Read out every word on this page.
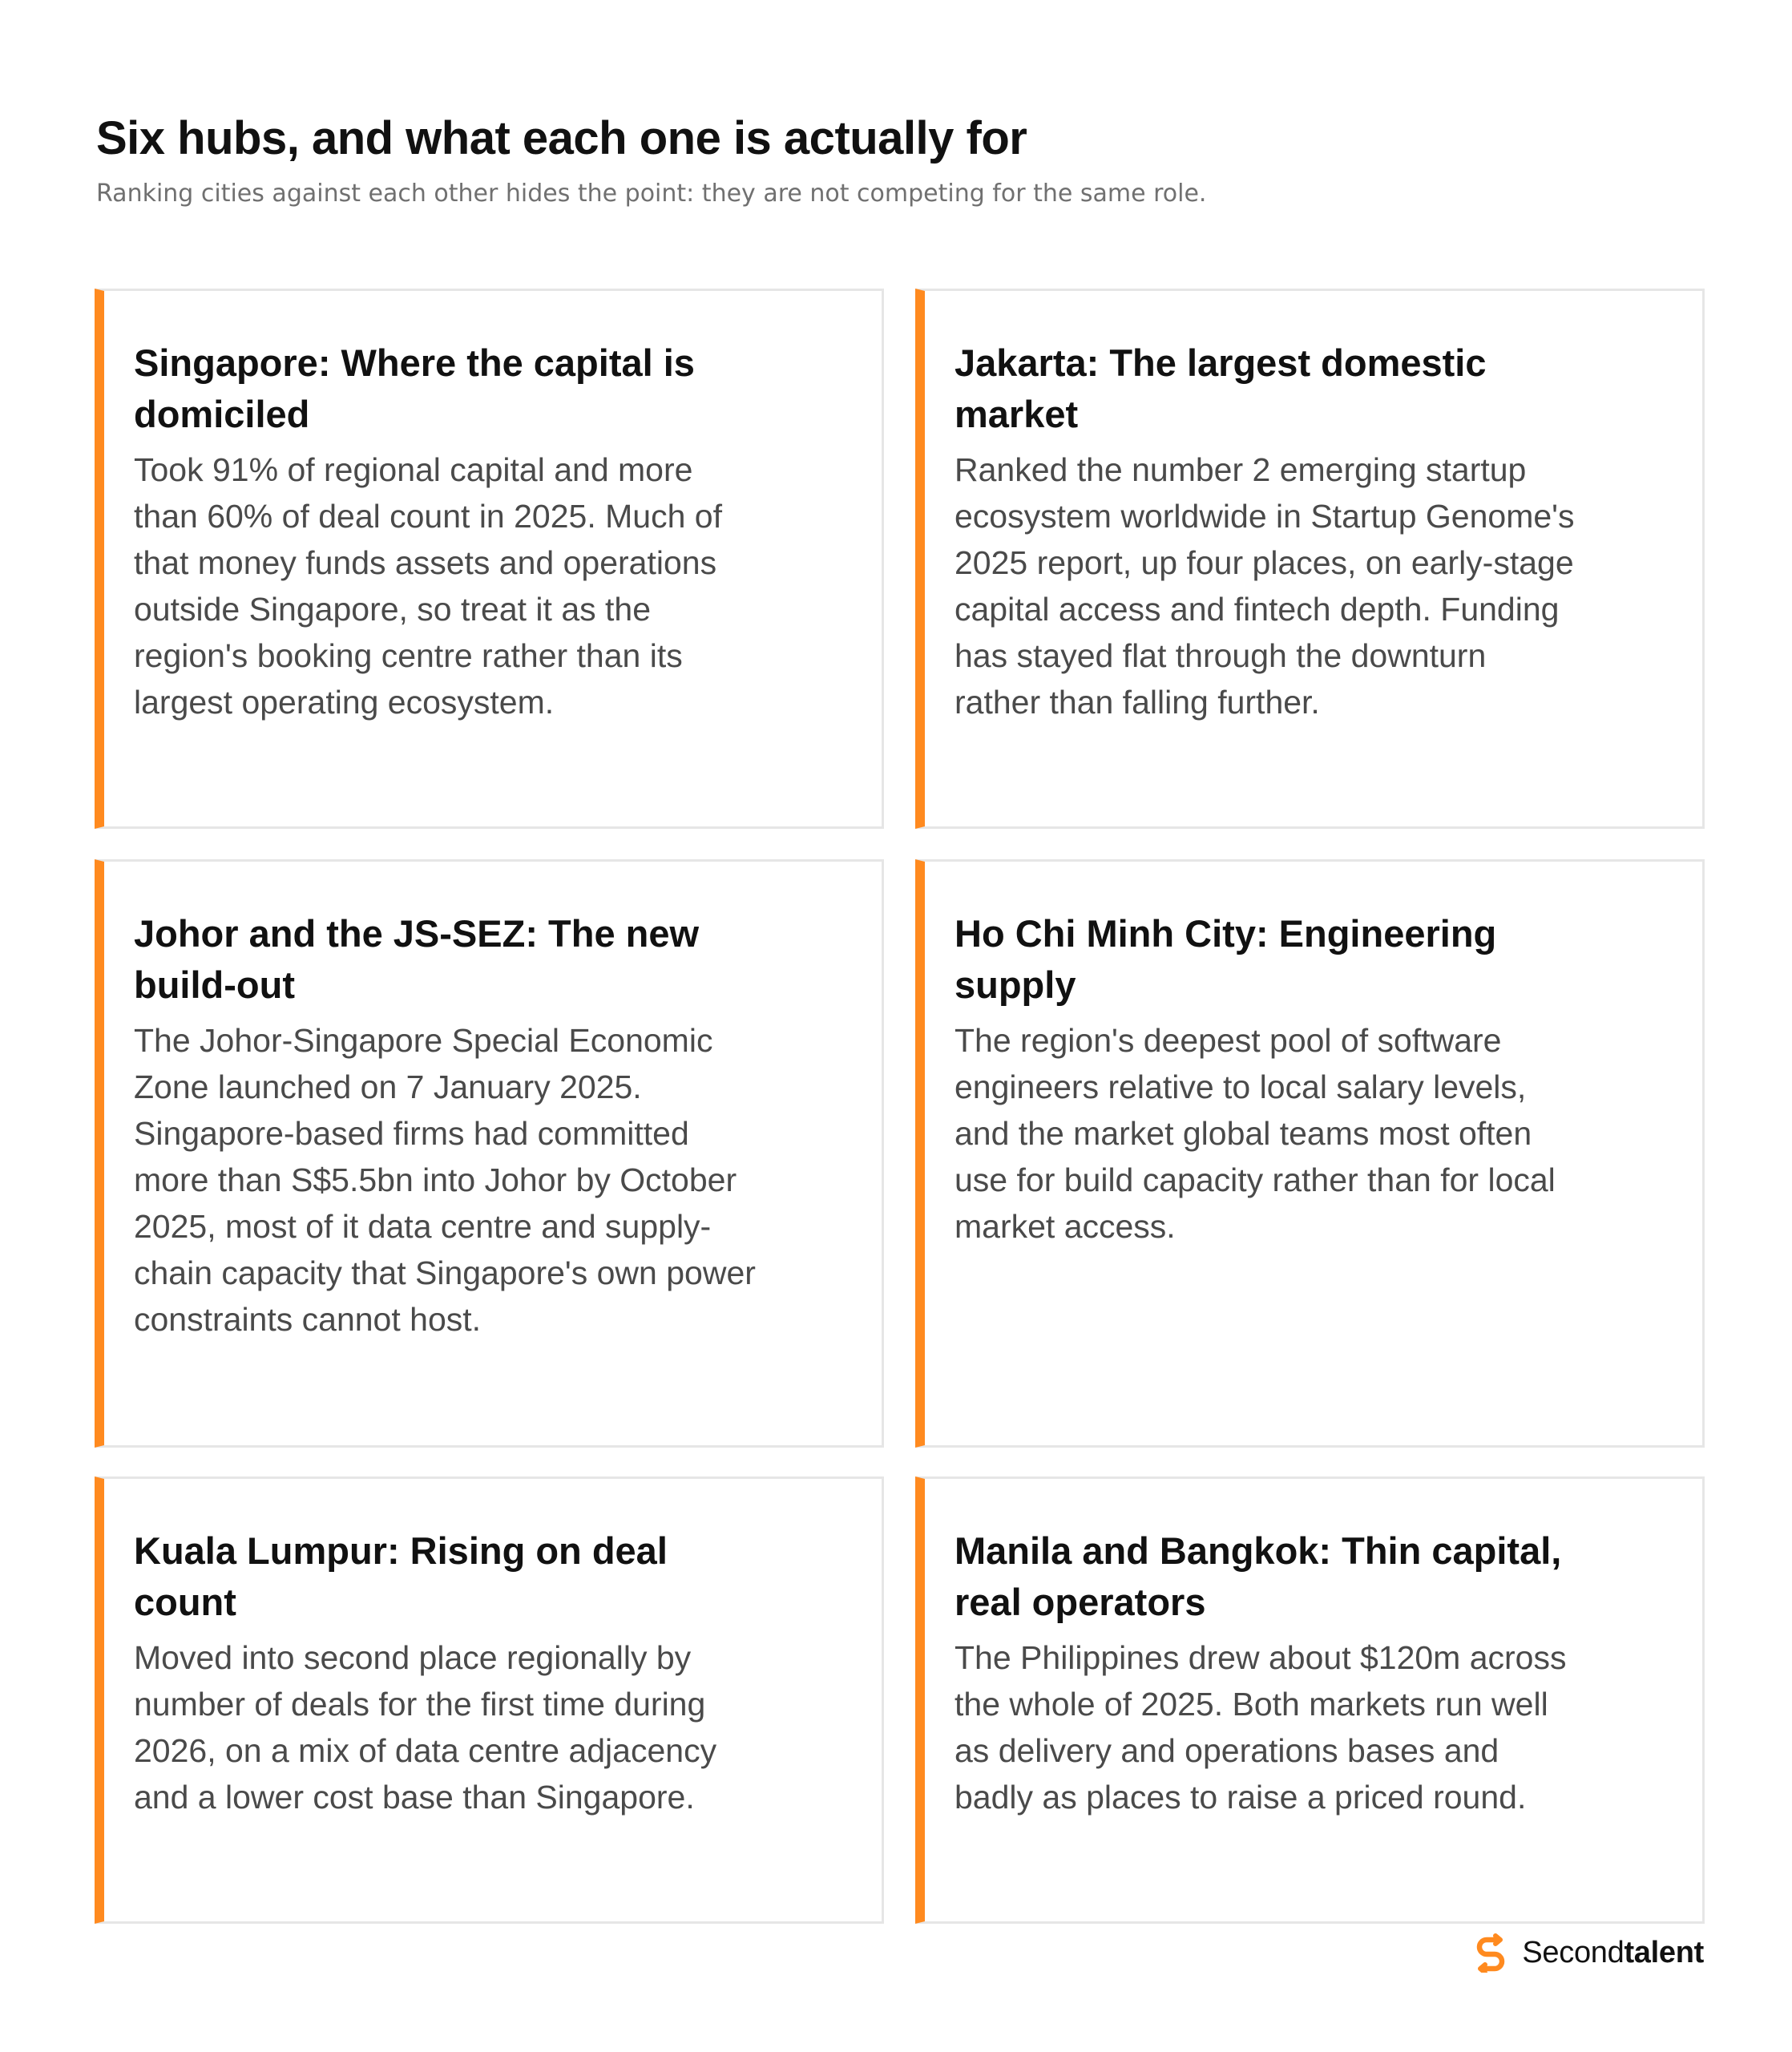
Six hubs, and what each one is actually for

Ranking cities against each other hides the point: they are not competing for the same role.

Singapore: Where the capital is domiciled

Took 91% of regional capital and more than 60% of deal count in 2025. Much of that money funds assets and operations outside Singapore, so treat it as the region's booking centre rather than its largest operating ecosystem.

Jakarta: The largest domestic market

Ranked the number 2 emerging startup ecosystem worldwide in Startup Genome's 2025 report, up four places, on early-stage capital access and fintech depth. Funding has stayed flat through the downturn rather than falling further.

Johor and the JS-SEZ: The new build-out

The Johor-Singapore Special Economic Zone launched on 7 January 2025. Singapore-based firms had committed more than S$5.5bn into Johor by October 2025, most of it data centre and supply-chain capacity that Singapore's own power constraints cannot host.

Ho Chi Minh City: Engineering supply

The region's deepest pool of software engineers relative to local salary levels, and the market global teams most often use for build capacity rather than for local market access.

Kuala Lumpur: Rising on deal count

Moved into second place regionally by number of deals for the first time during 2026, on a mix of data centre adjacency and a lower cost base than Singapore.

Manila and Bangkok: Thin capital, real operators

The Philippines drew about $120m across the whole of 2025. Both markets run well as delivery and operations bases and badly as places to raise a priced round.

Secondtalent
